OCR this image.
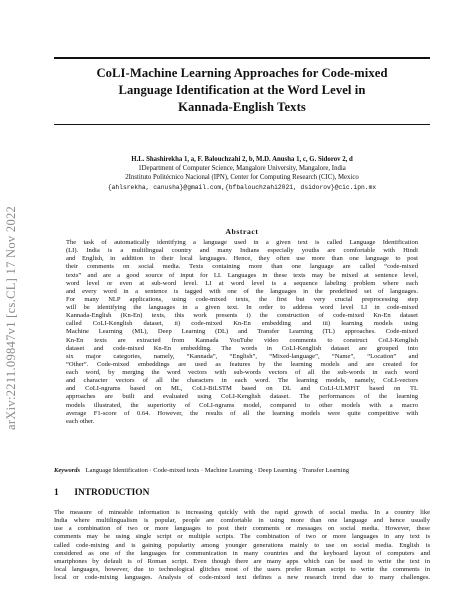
arXiv:2211.09847v1 [cs.CL] 17 Nov 2022
CoLI-Machine Learning Approaches for Code-mixed
Language Identification at the Word Level in
Kannada-English Texts
H.L. Shashirekha 1, a, F. Balouchzahi 2, b, M.D. Anusha 1, c, G. Sidorov 2, d
1Department of Computer Science, Mangalore University, Mangalore, India
2Instituto Politécnico Nacional (IPN), Center for Computing Research (CIC), Mexico
{ahlsrekha, canusha}@gmail.com,{bfbalouchzahi2021, dsidorov}@cic.ipn.mx
Abstract
The task of automatically identifying a language used in a given text is called Language Identification
(LI). India is a multilingual country and many Indians especially youths are comfortable with Hindi
and English, in addition to their local languages. Hence, they often use more than one language to post
their comments on social media. Texts containing more than one language are called “code-mixed
texts” and are a good source of input for LI. Languages in these texts may be mixed at sentence level,
word level or even at sub-word level. LI at word level is a sequence labeling problem where each
and every word in a sentence is tagged with one of the languages in the predefined set of languages.
For many NLP applications, using code-mixed texts, the first but very crucial preprocessing step
will be identifying the languages in a given text. In order to address word level LI in code-mixed
Kannada-English (Kn-En) texts, this work presents i) the construction of code-mixed Kn-En dataset
called CoLI-Kenglish dataset, ii) code-mixed Kn-En embedding and iii) learning models using
Machine Learning (ML), Deep Learning (DL) and Transfer Learning (TL) approaches. Code-mixed
Kn-En texts are extracted from Kannada YouTube video comments to construct CoLI-Kenglish
dataset and code-mixed Kn-En embedding. The words in CoLI-Kenglish dataset are grouped into
six major categories, namely, “Kannada”, “English”, “Mixed-language”, “Name”, “Location” and
“Other”. Code-mixed embeddings are used as features by the learning models and are created for
each word, by merging the word vectors with sub-words vectors of all the sub-words in each word
and character vectors of all the characters in each word. The learning models, namely, CoLI-vectors
and CoLI-ngrams based on ML, CoLI-BiLSTM based on DL and CoLI-ULMFiT based on TL
approaches are built and evaluated using CoLI-Kenglish dataset. The performances of the learning
models illustrated, the superiority of CoLI-ngrams model, compared to other models with a macro
average F1-score of 0.64. However, the results of all the learning models were quite competitive with
each other.
Keywords Language Identification · Code-mixed texts · Machine Learning · Deep Learning · Transfer Learning
1 INTRODUCTION
The measure of mineable information is increasing quickly with the rapid growth of social media. In a country like
India where multilingualism is popular, people are comfortable in using more than one language and hence usually
use a combination of two or more languages to post their comments or messages on social media. However, these
comments may be using single script or multiple scripts. The combination of two or more languages in any text is
called code-mixing and is gaining popularity among younger generations mainly to use on social media. English is
considered as one of the languages for communication in many countries and the keyboard layout of computers and
smartphones by default is of Roman script. Even though there are many apps which can be used to write the text in
local languages, however, due to technological glitches most of the users prefer Roman script to write the comments in
local or code-mixing languages. Analysis of code-mixed text defines a new research trend due to many challenges.
